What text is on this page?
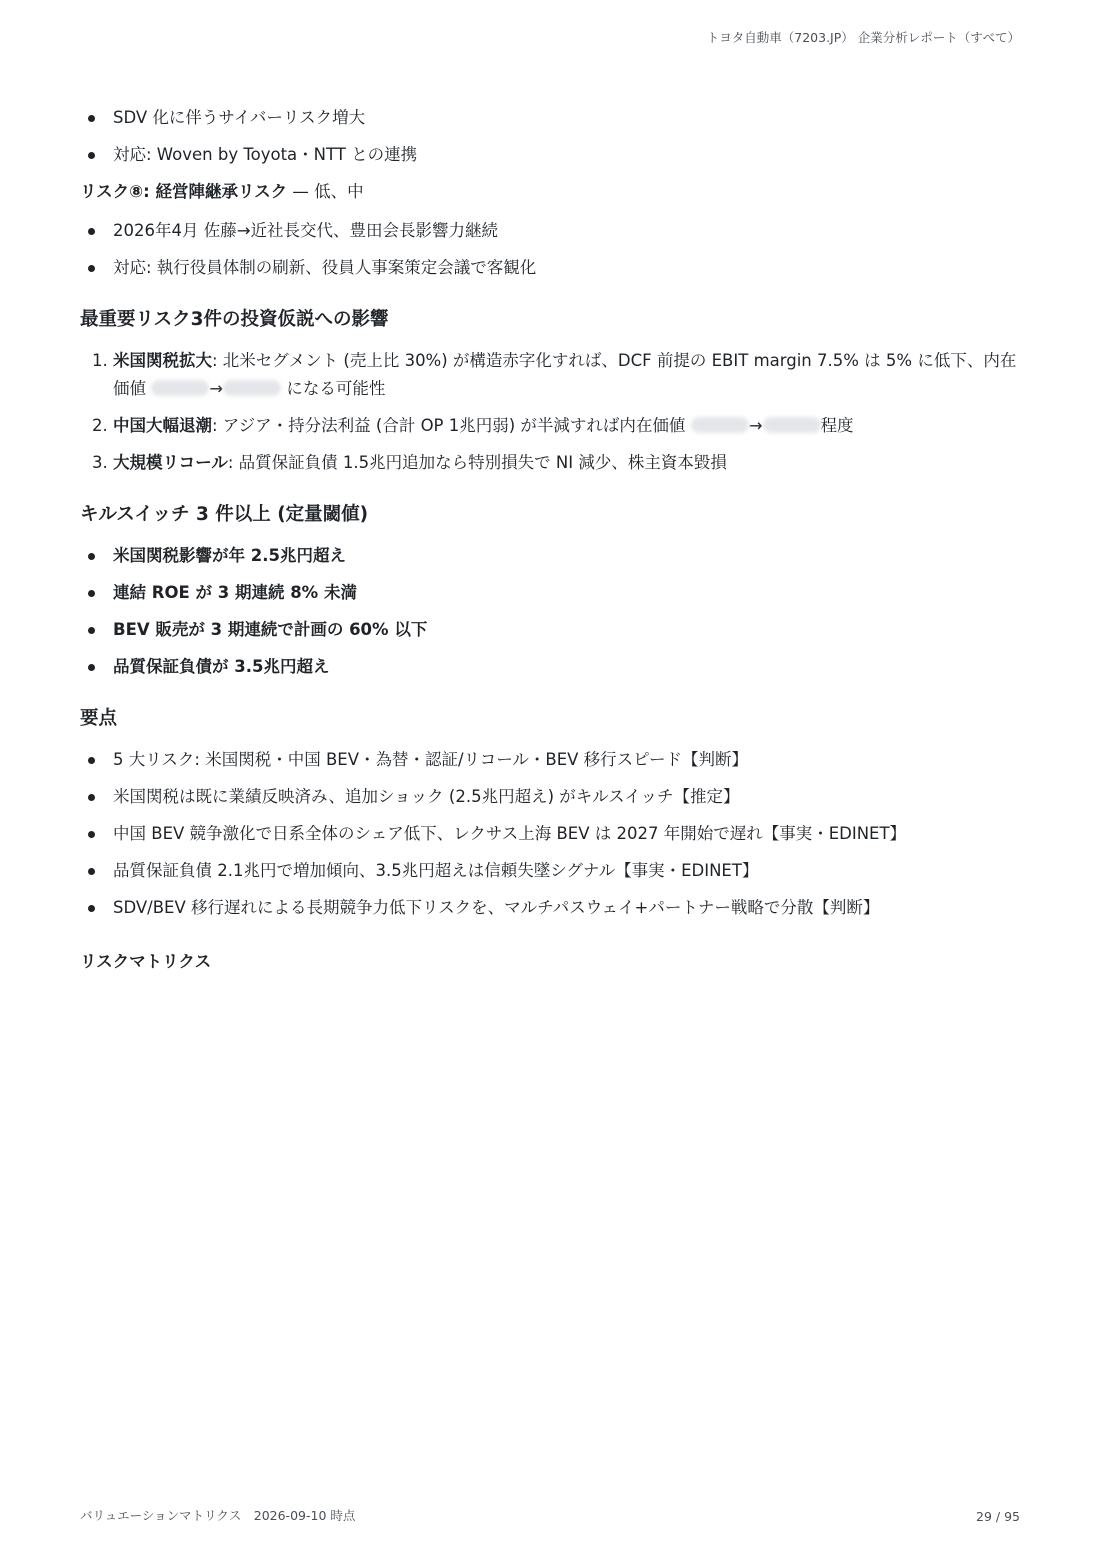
トヨタ自動車（7203.JP） 企業分析レポート（すべて）
SDV 化に伴うサイバーリスク増大
対応: Woven by Toyota・NTT との連携
リスク⑧: 経営陣継承リスク — 低、中
2026年4月 佐藤→近社長交代、豊田会長影響力継続
対応: 執行役員体制の刷新、役員人事案策定会議で客観化
最重要リスク3件の投資仮説への影響
1. 米国関税拡大: 北米セグメント (売上比 30%) が構造赤字化すれば、DCF 前提の EBIT margin 7.5% は 5% に低下、内在価値	→	になる可能性
2. 中国大幅退潮: アジア・持分法利益 (合計 OP 1兆円弱) が半減すれば内在価値	→	程度
3. 大規模リコール: 品質保証負債 1.5兆円追加なら特別損失で NI 減少、株主資本毀損
キルスイッチ 3 件以上 (定量閾値)
米国関税影響が年 2.5兆円超え
連結 ROE が 3 期連続 8% 未満
BEV 販売が 3 期連続で計画の 60% 以下
品質保証負債が 3.5兆円超え
要点
5 大リスク: 米国関税・中国 BEV・為替・認証/リコール・BEV 移行スピード【判断】
米国関税は既に業績反映済み、追加ショック (2.5兆円超え) がキルスイッチ【推定】
中国 BEV 競争激化で日系全体のシェア低下、レクサス上海 BEV は 2027 年開始で遅れ【事実・EDINET】
品質保証負債 2.1兆円で増加傾向、3.5兆円超えは信頼失墜シグナル【事実・EDINET】
SDV/BEV 移行遅れによる長期競争力低下リスクを、マルチパスウェイ+パートナー戦略で分散【判断】
リスクマトリクス
バリュエーションマトリクス　2026-09-10 時点	29 / 95
